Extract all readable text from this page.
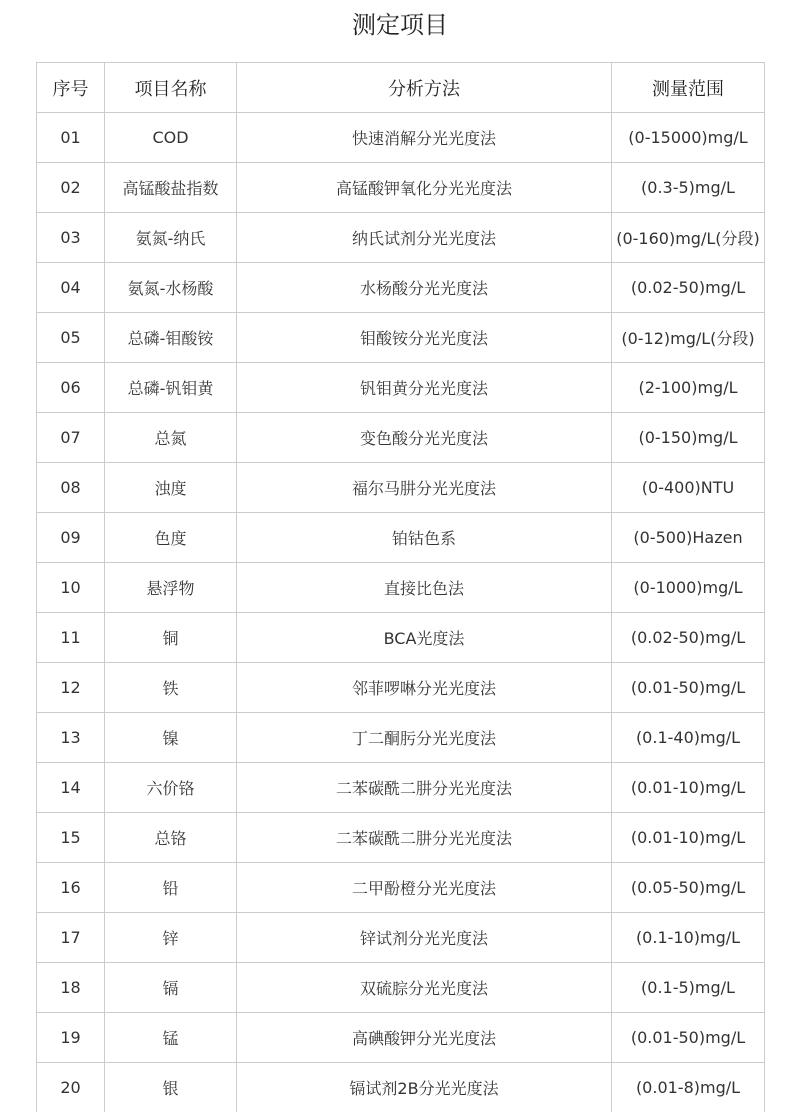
测定项目
序号	项目名称	分析方法	测量范围
01	COD	快速消解分光光度法	(0-15000)mg/L
02	高锰酸盐指数	高锰酸钾氧化分光光度法	(0.3-5)mg/L
03	氨氮-纳氏	纳氏试剂分光光度法	(0-160)mg/L(分段)
04	氨氮-水杨酸	水杨酸分光光度法	(0.02-50)mg/L
05	总磷-钼酸铵	钼酸铵分光光度法	(0-12)mg/L(分段)
06	总磷-钒钼黄	钒钼黄分光光度法	(2-100)mg/L
07	总氮	变色酸分光光度法	(0-150)mg/L
08	浊度	福尔马肼分光光度法	(0-400)NTU
09	色度	铂钴色系	(0-500)Hazen
10	悬浮物	直接比色法	(0-1000)mg/L
11	铜	BCA光度法	(0.02-50)mg/L
12	铁	邻菲啰啉分光光度法	(0.01-50)mg/L
13	镍	丁二酮肟分光光度法	(0.1-40)mg/L
14	六价铬	二苯碳酰二肼分光光度法	(0.01-10)mg/L
15	总铬	二苯碳酰二肼分光光度法	(0.01-10)mg/L
16	铅	二甲酚橙分光光度法	(0.05-50)mg/L
17	锌	锌试剂分光光度法	(0.1-10)mg/L
18	镉	双硫腙分光光度法	(0.1-5)mg/L
19	锰	高碘酸钾分光光度法	(0.01-50)mg/L
20	银	镉试剂2B分光光度法	(0.01-8)mg/L
